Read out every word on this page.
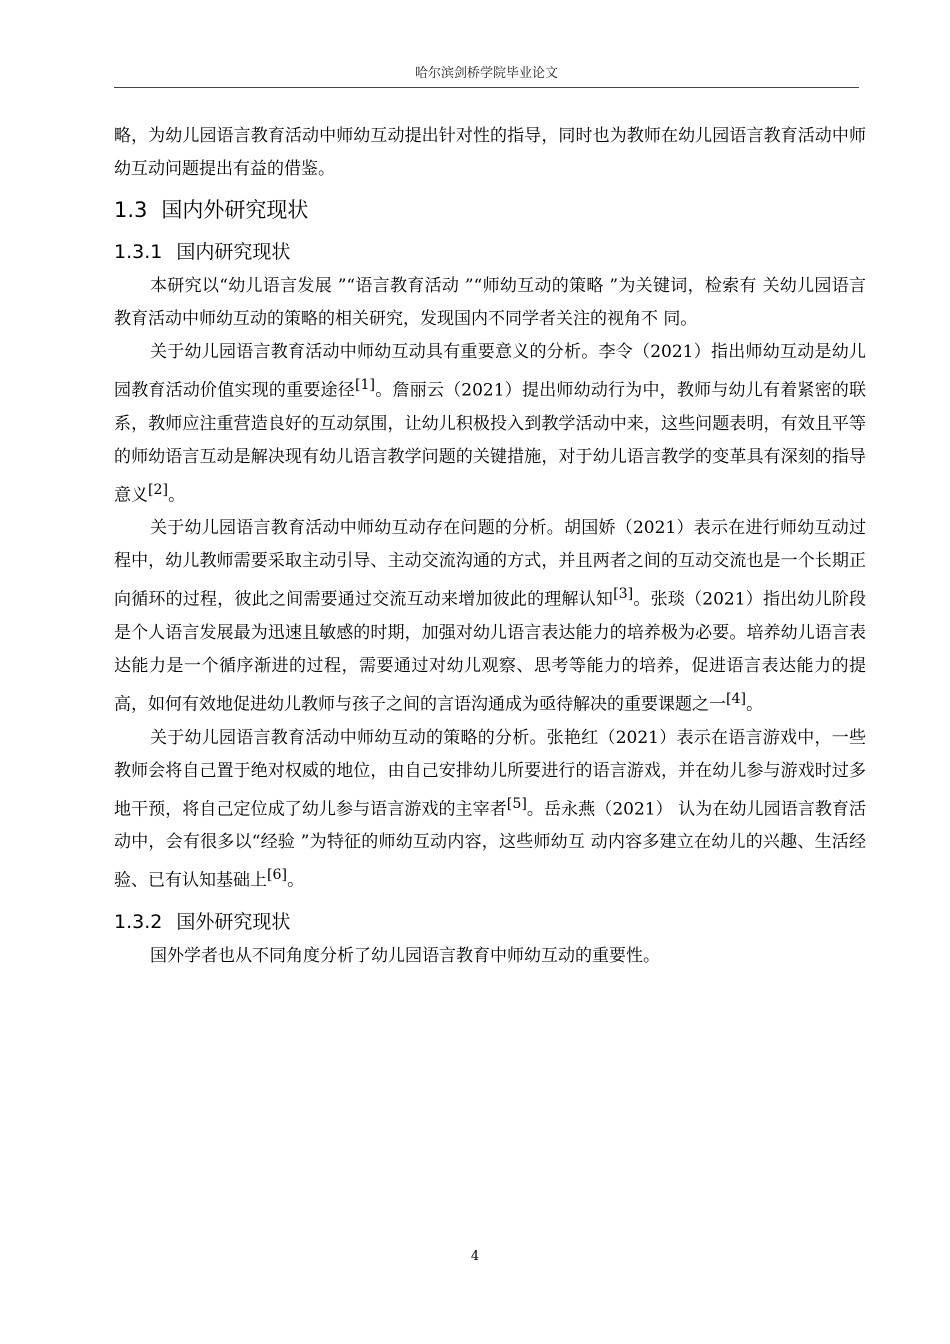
哈尔滨剑桥学院毕业论文

略，为幼儿园语言教育活动中师幼互动提出针对性的指导，同时也为教师在幼儿园语言教育活动中师幼互动问题提出有益的借鉴。

1.3 国内外研究现状
1.3.1 国内研究现状

本研究以“幼儿语言发展 ”“语言教育活动 ”“师幼互动的策略 ”为关键词，检索有 关幼儿园语言教育活动中师幼互动的策略的相关研究，发现国内不同学者关注的视角不 同。

关于幼儿园语言教育活动中师幼互动具有重要意义的分析。李令（2021）指出师幼互动是幼儿园教育活动价值实现的重要途径[1]。詹丽云（2021）提出师幼动行为中，教师与幼儿有着紧密的联系，教师应注重营造良好的互动氛围，让幼儿积极投入到教学活动中来，这些问题表明，有效且平等的师幼语言互动是解决现有幼儿语言教学问题的关键措施，对于幼儿语言教学的变革具有深刻的指导意义[2]。

关于幼儿园语言教育活动中师幼互动存在问题的分析。胡国娇（2021）表示在进行师幼互动过程中，幼儿教师需要采取主动引导、主动交流沟通的方式，并且两者之间的互动交流也是一个长期正向循环的过程，彼此之间需要通过交流互动来增加彼此的理解认知[3]。张琰（2021）指出幼儿阶段是个人语言发展最为迅速且敏感的时期，加强对幼儿语言表达能力的培养极为必要。培养幼儿语言表达能力是一个循序渐进的过程，需要通过对幼儿观察、思考等能力的培养，促进语言表达能力的提高，如何有效地促进幼儿教师与孩子之间的言语沟通成为亟待解决的重要课题之一[4]。

关于幼儿园语言教育活动中师幼互动的策略的分析。张艳红（2021）表示在语言游戏中，一些教师会将自己置于绝对权威的地位，由自己安排幼儿所要进行的语言游戏，并在幼儿参与游戏时过多地干预，将自己定位成了幼儿参与语言游戏的主宰者[5]。岳永燕（2021） 认为在幼儿园语言教育活动中，会有很多以“经验 ”为特征的师幼互动内容，这些师幼互 动内容多建立在幼儿的兴趣、生活经验、已有认知基础上[6]。

1.3.2 国外研究现状

国外学者也从不同角度分析了幼儿园语言教育中师幼互动的重要性。

4
